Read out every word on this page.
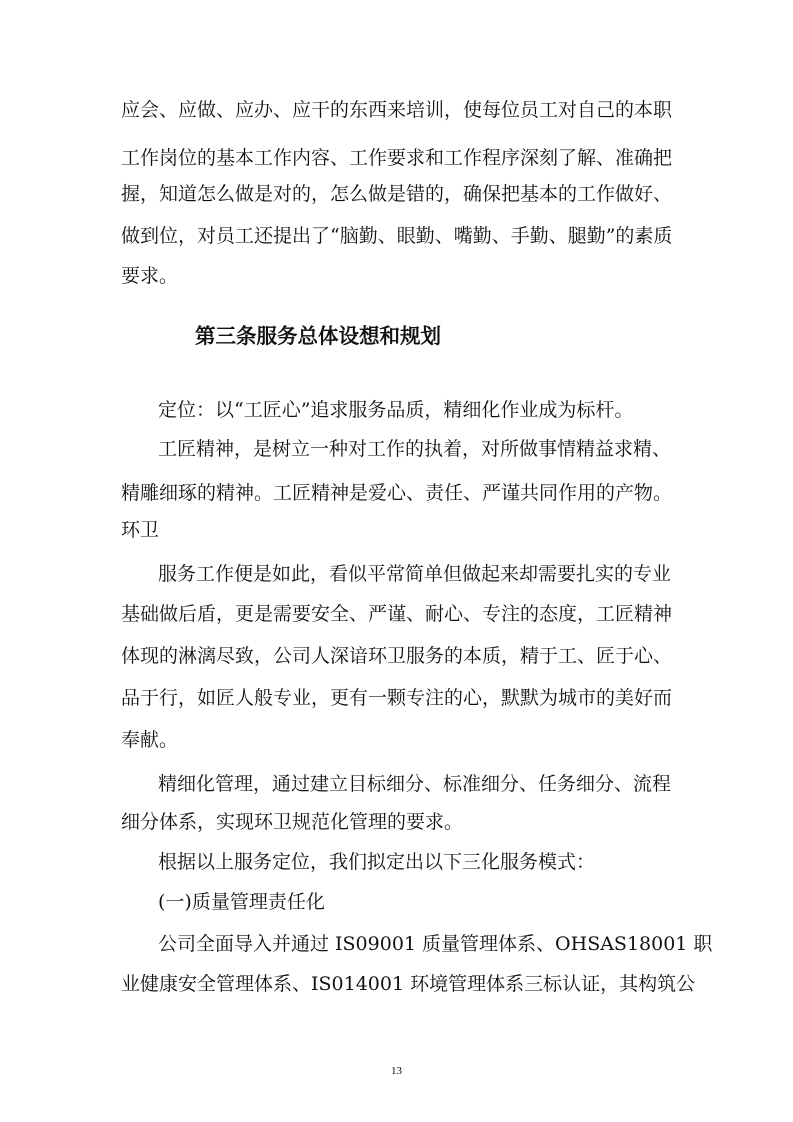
应会、应做、应办、应干的东西来培训，使每位员工对自己的本职
工作岗位的基本工作内容、工作要求和工作程序深刻了解、准确把
握，知道怎么做是对的，怎么做是错的，确保把基本的工作做好、
做到位，对员工还提出了“脑勤、眼勤、嘴勤、手勤、腿勤”的素质
要求。
第三条服务总体设想和规划
定位：以“工匠心”追求服务品质，精细化作业成为标杆。
工匠精神，是树立一种对工作的执着，对所做事情精益求精、
精雕细琢的精神。工匠精神是爱心、责任、严谨共同作用的产物。
环卫
服务工作便是如此，看似平常简单但做起来却需要扎实的专业
基础做后盾，更是需要安全、严谨、耐心、专注的态度，工匠精神
体现的淋漓尽致，公司人深谙环卫服务的本质，精于工、匠于心、
品于行，如匠人般专业，更有一颗专注的心，默默为城市的美好而
奉献。
精细化管理，通过建立目标细分、标准细分、任务细分、流程
细分体系，实现环卫规范化管理的要求。
根据以上服务定位，我们拟定出以下三化服务模式：
(一)质量管理责任化
公司全面导入并通过 IS09001 质量管理体系、OHSAS18001 职
业健康安全管理体系、IS014001 环境管理体系三标认证，其构筑公
13
